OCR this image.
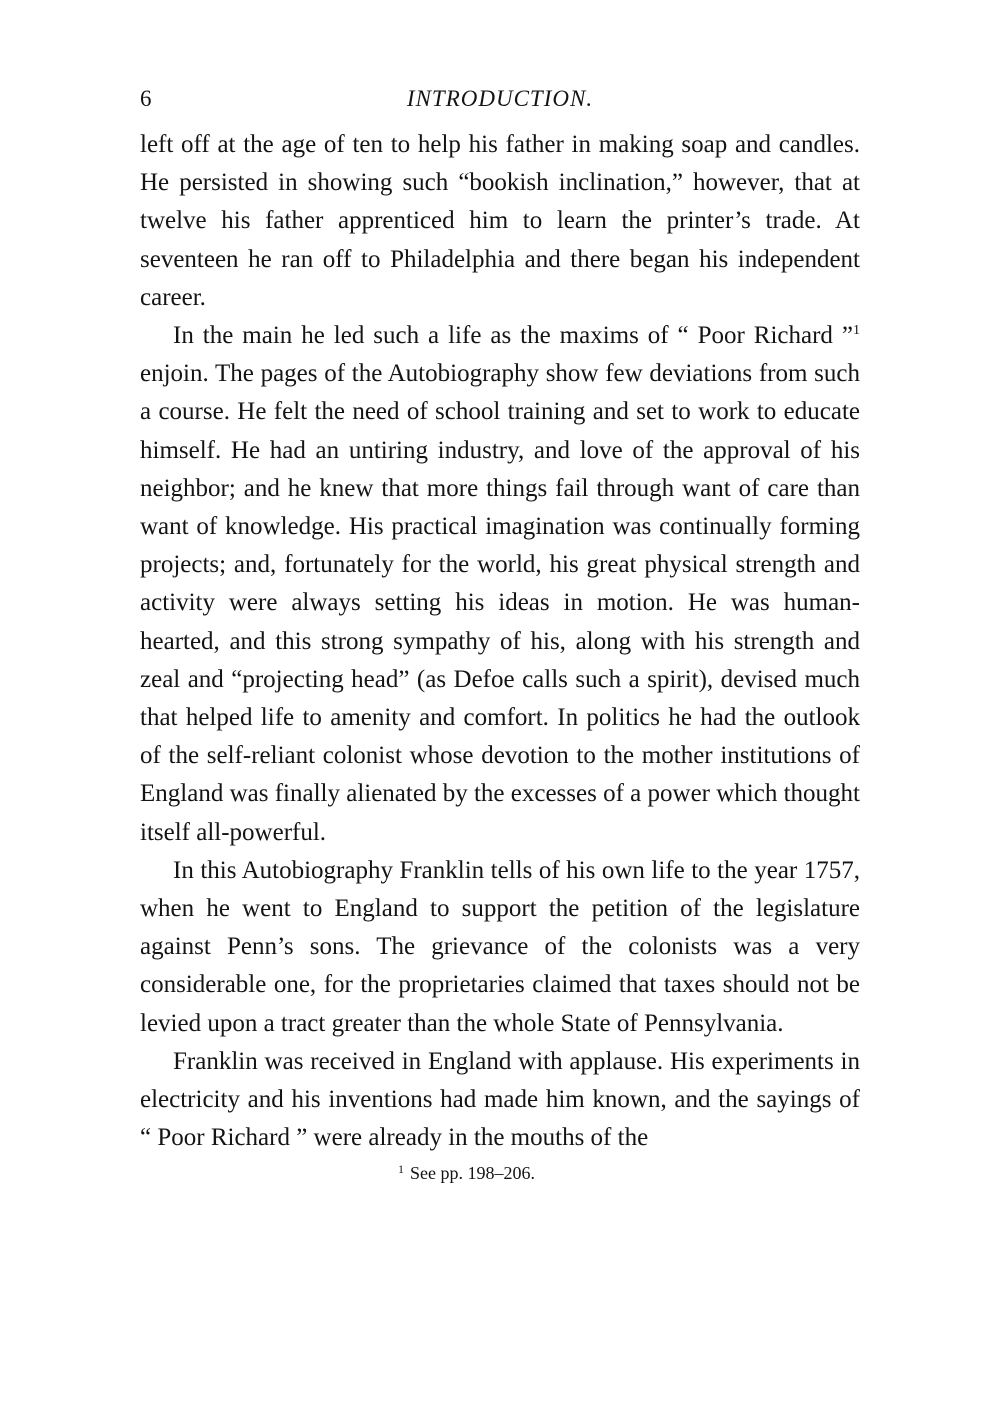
6	INTRODUCTION.

left off at the age of ten to help his father in making soap and candles. He persisted in showing such “bookish inclination,” however, that at twelve his father apprenticed him to learn the printer’s trade. At seventeen he ran off to Philadelphia and there began his independent career.

In the main he led such a life as the maxims of “ Poor Richard ”$^1$ enjoin. The pages of the Autobiography show few deviations from such a course. He felt the need of school training and set to work to educate himself. He had an untiring industry, and love of the approval of his neighbor; and he knew that more things fail through want of care than want of knowledge. His practical imagination was continually forming projects; and, fortunately for the world, his great physical strength and activity were always setting his ideas in motion. He was human-hearted, and this strong sympathy of his, along with his strength and zeal and “projecting head” (as Defoe calls such a spirit), devised much that helped life to amenity and comfort. In politics he had the outlook of the self-reliant colonist whose devotion to the mother institutions of England was finally alienated by the excesses of a power which thought itself all-powerful.

In this Autobiography Franklin tells of his own life to the year 1757, when he went to England to support the petition of the legislature against Penn’s sons. The grievance of the colonists was a very considerable one, for the proprietaries claimed that taxes should not be levied upon a tract greater than the whole State of Pennsylvania.

Franklin was received in England with applause. His experiments in electricity and his inventions had made him known, and the sayings of “ Poor Richard ” were already in the mouths of the

$^1$ See pp. 198–206.
